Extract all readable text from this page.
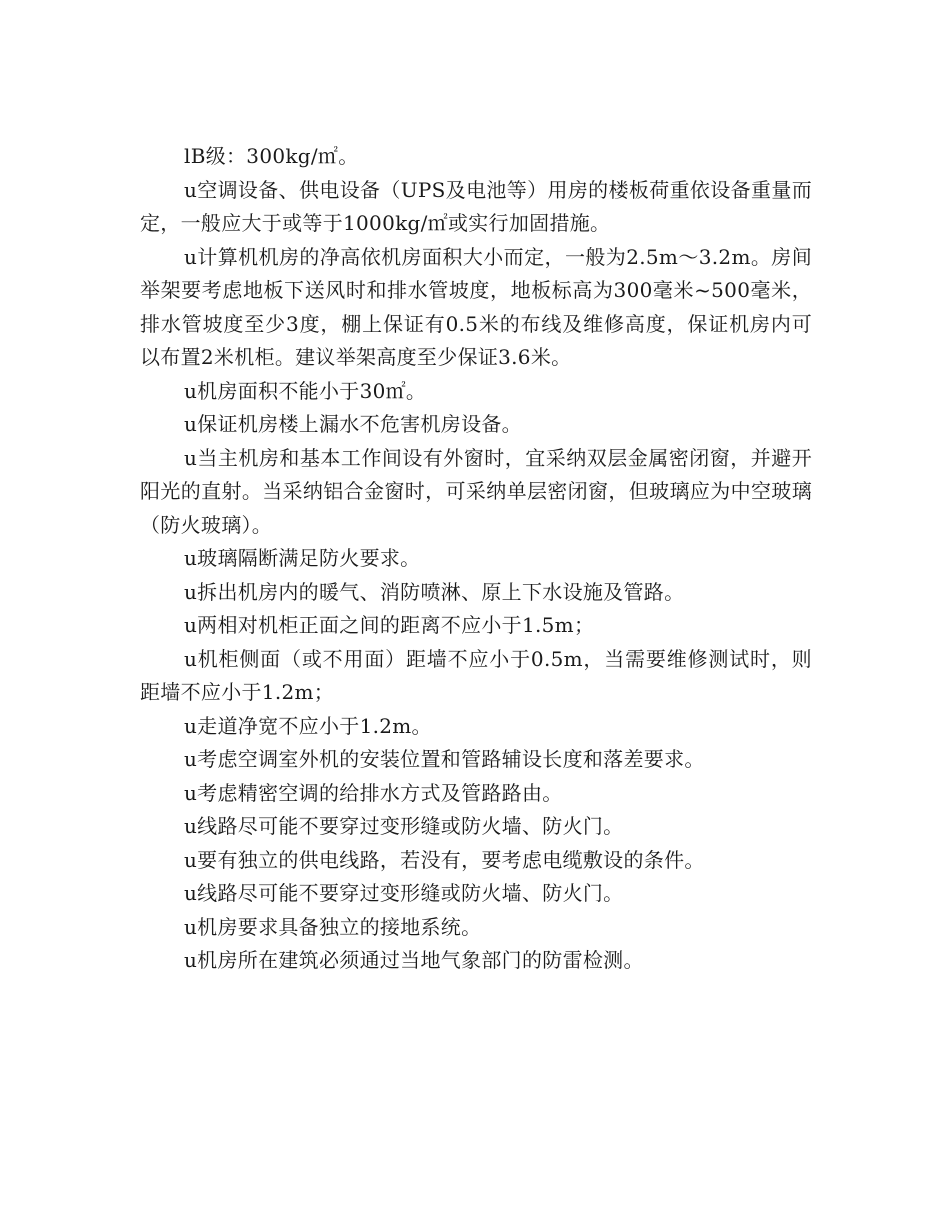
lB级：300kg/㎡。

u空调设备、供电设备（UPS及电池等）用房的楼板荷重依设备重量而定，一般应大于或等于1000kg/㎡或实行加固措施。

u计算机机房的净高依机房面积大小而定，一般为2.5m～3.2m。房间举架要考虑地板下送风时和排水管坡度，地板标高为300毫米~500毫米，排水管坡度至少3度，棚上保证有0.5米的布线及维修高度，保证机房内可以布置2米机柜。建议举架高度至少保证3.6米。

u机房面积不能小于30㎡。

u保证机房楼上漏水不危害机房设备。

u当主机房和基本工作间设有外窗时，宜采纳双层金属密闭窗，并避开阳光的直射。当采纳铝合金窗时，可采纳单层密闭窗，但玻璃应为中空玻璃（防火玻璃）。

u玻璃隔断满足防火要求。

u拆出机房内的暖气、消防喷淋、原上下水设施及管路。

u两相对机柜正面之间的距离不应小于1.5m；

u机柜侧面（或不用面）距墙不应小于0.5m，当需要维修测试时，则距墙不应小于1.2m；

u走道净宽不应小于1.2m。

u考虑空调室外机的安装位置和管路辅设长度和落差要求。

u考虑精密空调的给排水方式及管路路由。

u线路尽可能不要穿过变形缝或防火墙、防火门。

u要有独立的供电线路，若没有，要考虑电缆敷设的条件。

u线路尽可能不要穿过变形缝或防火墙、防火门。

u机房要求具备独立的接地系统。

u机房所在建筑必须通过当地气象部门的防雷检测。
